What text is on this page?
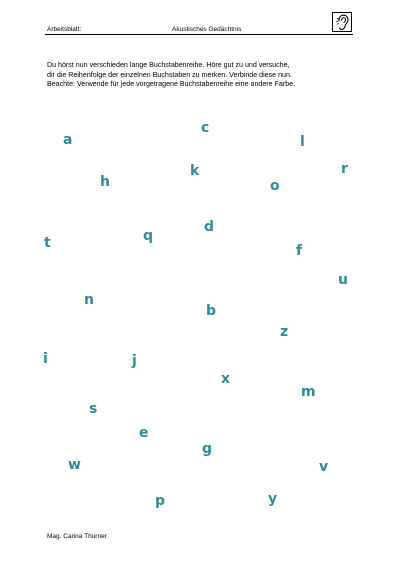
Arbeitsblatt:	Akustisches Gedächtnis

Du hörst nun verschieden lange Buchstabenreihe. Höre gut zu und versuche,

dir die Reihenfolge der einzelnen Buchstaben zu merken. Verbinde diese nun.

Beachte: Verwende für jede vorgetragene Buchstabenreihe eine andere Farbe.

a
c
l
r
h
k
o
t	q
d
f
u
n
b
z
i	j
x
m
s
e
g
w	v
p	y
Mag. Carina Thurner
